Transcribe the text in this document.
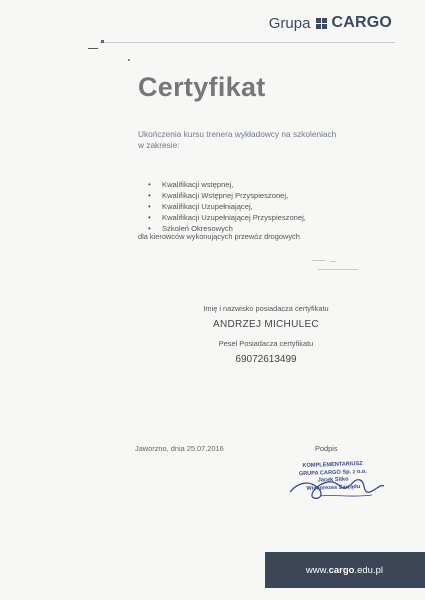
Grupa CARGO
Certyfikat
Ukończenia kursu trenera wykładowcy na szkoleniach
w zakresie:
• Kwalifikacji wstępnej,
• Kwalifikacji Wstępnej Przyspieszonej,
• Kwalifikacji Uzupełniającej,
• Kwalifikacji Uzupełniającej Przyspieszonej,
• Szkoleń Okresowych
dla kierowców wykonujących przewóz drogowych
Imię i nazwisko posiadacza certyfikatu
ANDRZEJ MICHULEC
Pesel Posiadacza certyfikatu
69072613499
Jaworzno, dnia 25.07.2016	Podpis
KOMPLEMENTARIUSZ
GRUPA CARGO Sp. z o.o.
Jacek Sitko
Wiceprezes Zarządu
www.cargo.edu.pl
